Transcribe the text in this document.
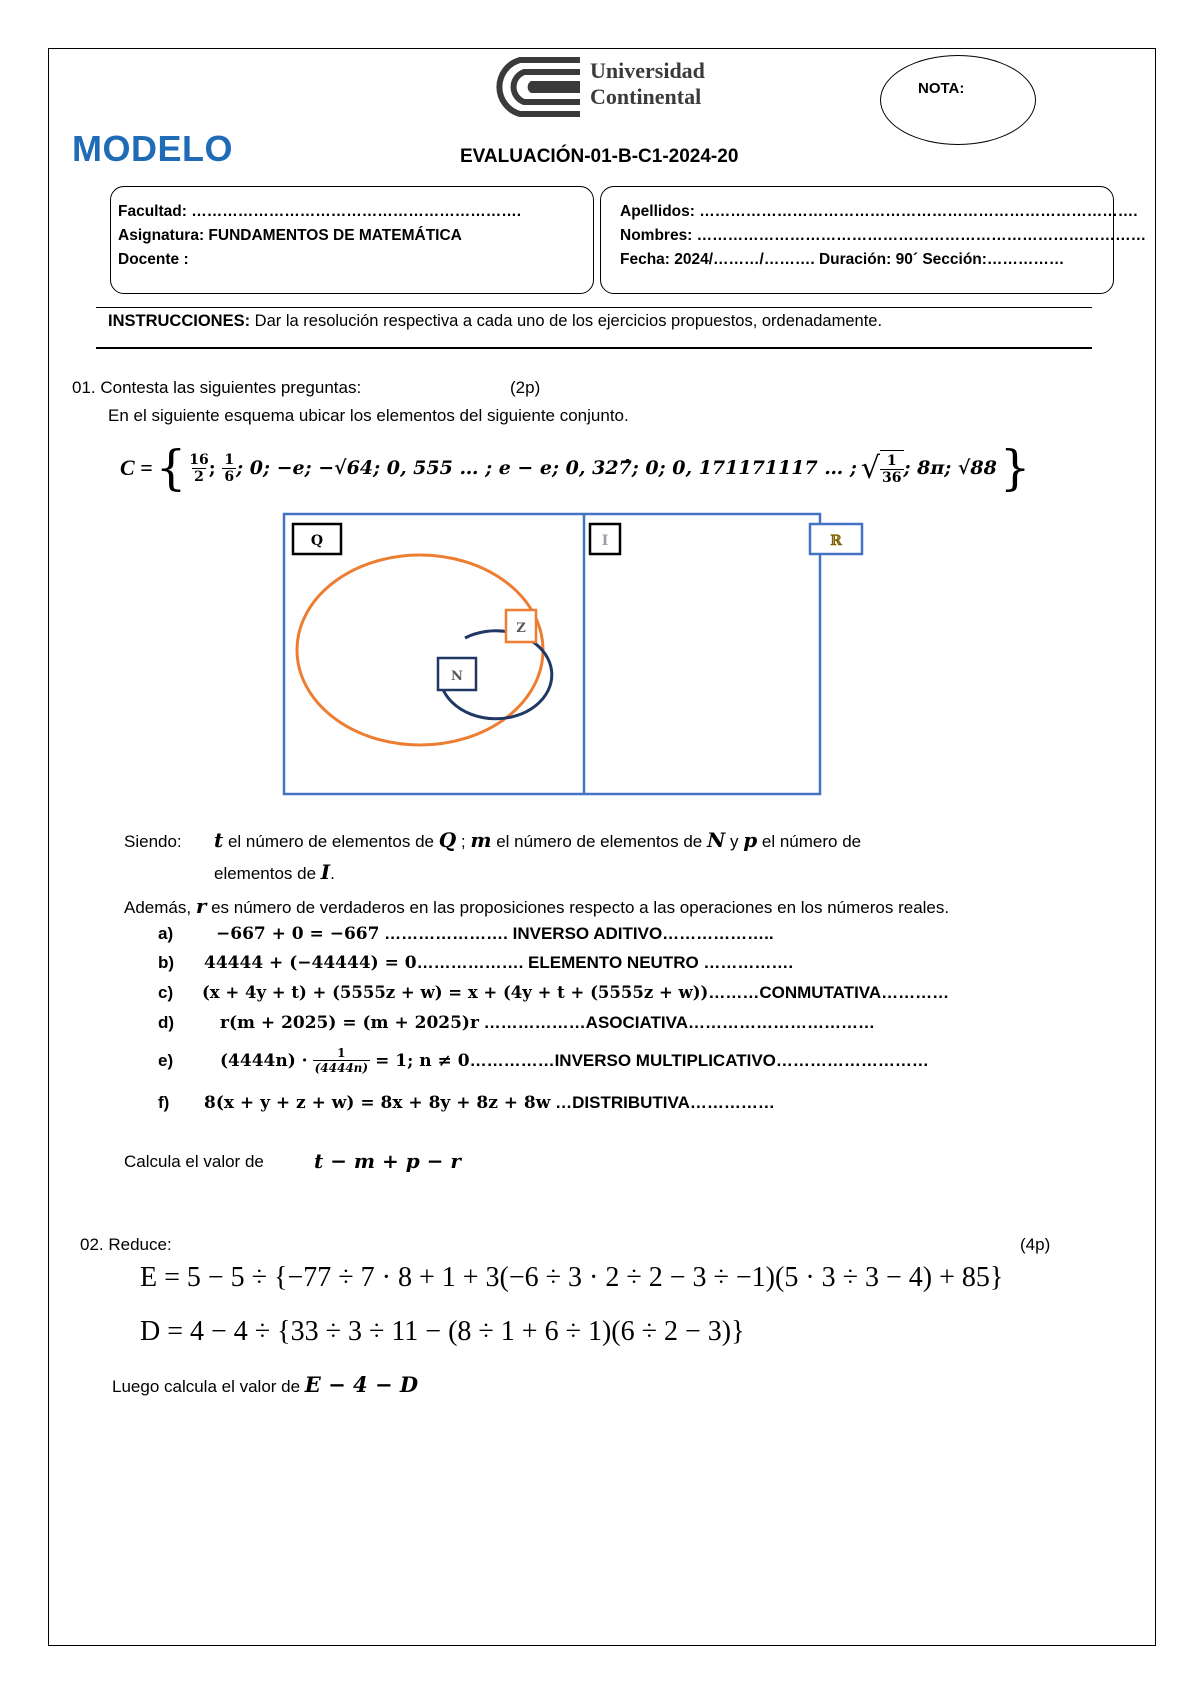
Universidad
Continental	NOTA:
MODELO	EVALUACIÓN-01-B-C1-2024-20
Facultad: ……………………………………………………….
Asignatura: FUNDAMENTOS DE MATEMÁTICA
Docente :
Apellidos: ………………………………………………………………………….
Nombres: ……………………………………………………………………………
Fecha: 2024/………/………. Duración: 90´ Sección:……………
INSTRUCCIONES: Dar la resolución respectiva a cada uno de los ejercicios propuestos, ordenadamente.
01. Contesta las siguientes preguntas:	(2p)
En el siguiente esquema ubicar los elementos del siguiente conjunto.
C = { $\frac{16}{2}$ ; $\frac{1}{6}$ ; 0; −e; −√64; 0, 555 … ; e − e; 0, 327̂; 0; 0, 171171117 … ; √ $\frac{1}{36}$ ; 8π; √88 }
Q	I	ℝ
Z
N
Siendo: t el número de elementos de Q ; m el número de elementos de N y p el número de
elementos de I.
Además, r es número de verdaderos en las proposiciones respecto a las operaciones en los números reales.
a)	−667 + 0 = −667 …………………. INVERSO ADITIVO………………..
b) 44444 + (−44444) = 0………………. ELEMENTO NEUTRO …………….
c) (x + 4y + t) + (5555z + w) = x + (4y + t + (5555z + w))………CONMUTATIVA…………
d)	r(m + 2025) = (m + 2025)r ………………ASOCIATIVA……………………………
e)	$(4444n) \cdot \frac{1}{(4444n)} = 1$; n ≠ 0 ……………INVERSO MULTIPLICATIVO………………………
f) 8(x + y + z + w) = 8x + 8y + 8z + 8w …DISTRIBUTIVA……………
Calcula el valor de	t − m + p − r
02. Reduce:	(4p)
E = 5 − 5 ÷ {−77 ÷ 7 · 8 + 1 + 3(−6 ÷ 3 · 2 ÷ 2 − 3 ÷ −1)(5 · 3 ÷ 3 − 4) + 85}
D = 4 − 4 ÷ {33 ÷ 3 ÷ 11 − (8 ÷ 1 + 6 ÷ 1)(6 ÷ 2 − 3)}
Luego calcula el valor de E − 4 − D
